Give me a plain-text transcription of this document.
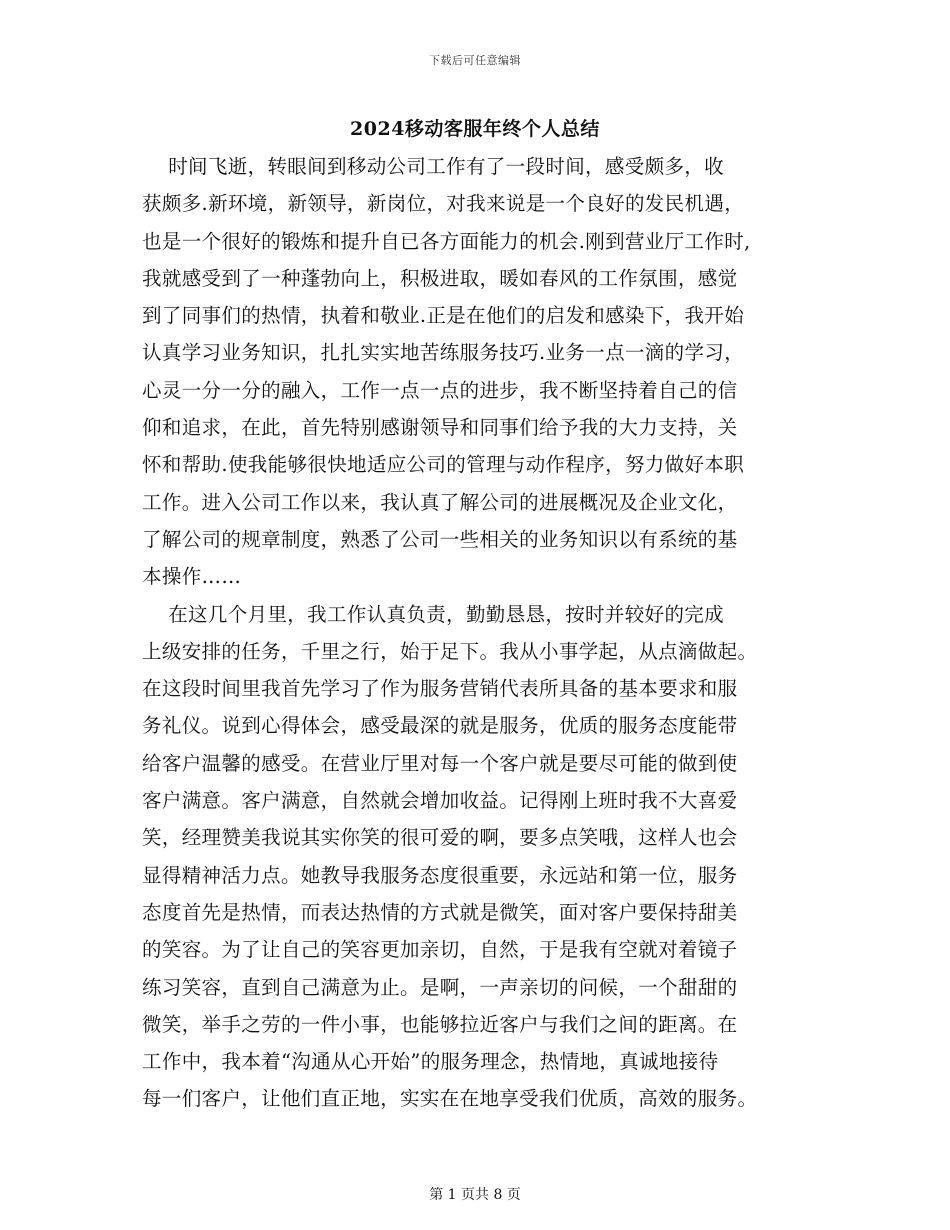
下载后可任意编辑
2024移动客服年终个人总结
时间飞逝，转眼间到移动公司工作有了一段时间，感受颇多，收
获颇多.新环境，新领导，新岗位，对我来说是一个良好的发民机遇，
也是一个很好的锻炼和提升自已各方面能力的机会.刚到营业厅工作时,
我就感受到了一种蓬勃向上，积极进取，暖如春风的工作氛围，感觉
到了同事们的热情，执着和敬业.正是在他们的启发和感染下，我开始
认真学习业务知识，扎扎实实地苦练服务技巧.业务一点一滴的学习，
心灵一分一分的融入，工作一点一点的进步，我不断坚持着自己的信
仰和追求，在此，首先特别感谢领导和同事们给予我的大力支持，关
怀和帮助.使我能够很快地适应公司的管理与动作程序，努力做好本职
工作。进入公司工作以来，我认真了解公司的进展概况及企业文化，
了解公司的规章制度，熟悉了公司一些相关的业务知识以有系统的基
本操作……
在这几个月里，我工作认真负责，勤勤恳恳，按时并较好的完成
上级安排的任务，千里之行，始于足下。我从小事学起，从点滴做起。
在这段时间里我首先学习了作为服务营销代表所具备的基本要求和服
务礼仪。说到心得体会，感受最深的就是服务，优质的服务态度能带
给客户温馨的感受。在营业厅里对每一个客户就是要尽可能的做到使
客户满意。客户满意，自然就会增加收益。记得刚上班时我不大喜爱
笑，经理赞美我说其实你笑的很可爱的啊，要多点笑哦，这样人也会
显得精神活力点。她教导我服务态度很重要，永远站和第一位，服务
态度首先是热情，而表达热情的方式就是微笑，面对客户要保持甜美
的笑容。为了让自己的笑容更加亲切，自然，于是我有空就对着镜子
练习笑容，直到自己满意为止。是啊，一声亲切的问候，一个甜甜的
微笑，举手之劳的一件小事，也能够拉近客户与我们之间的距离。在
工作中，我本着“沟通从心开始”的服务理念，热情地，真诚地接待
每一们客户，让他们直正地，实实在在地享受我们优质，高效的服务。
第 1 页共 8 页
